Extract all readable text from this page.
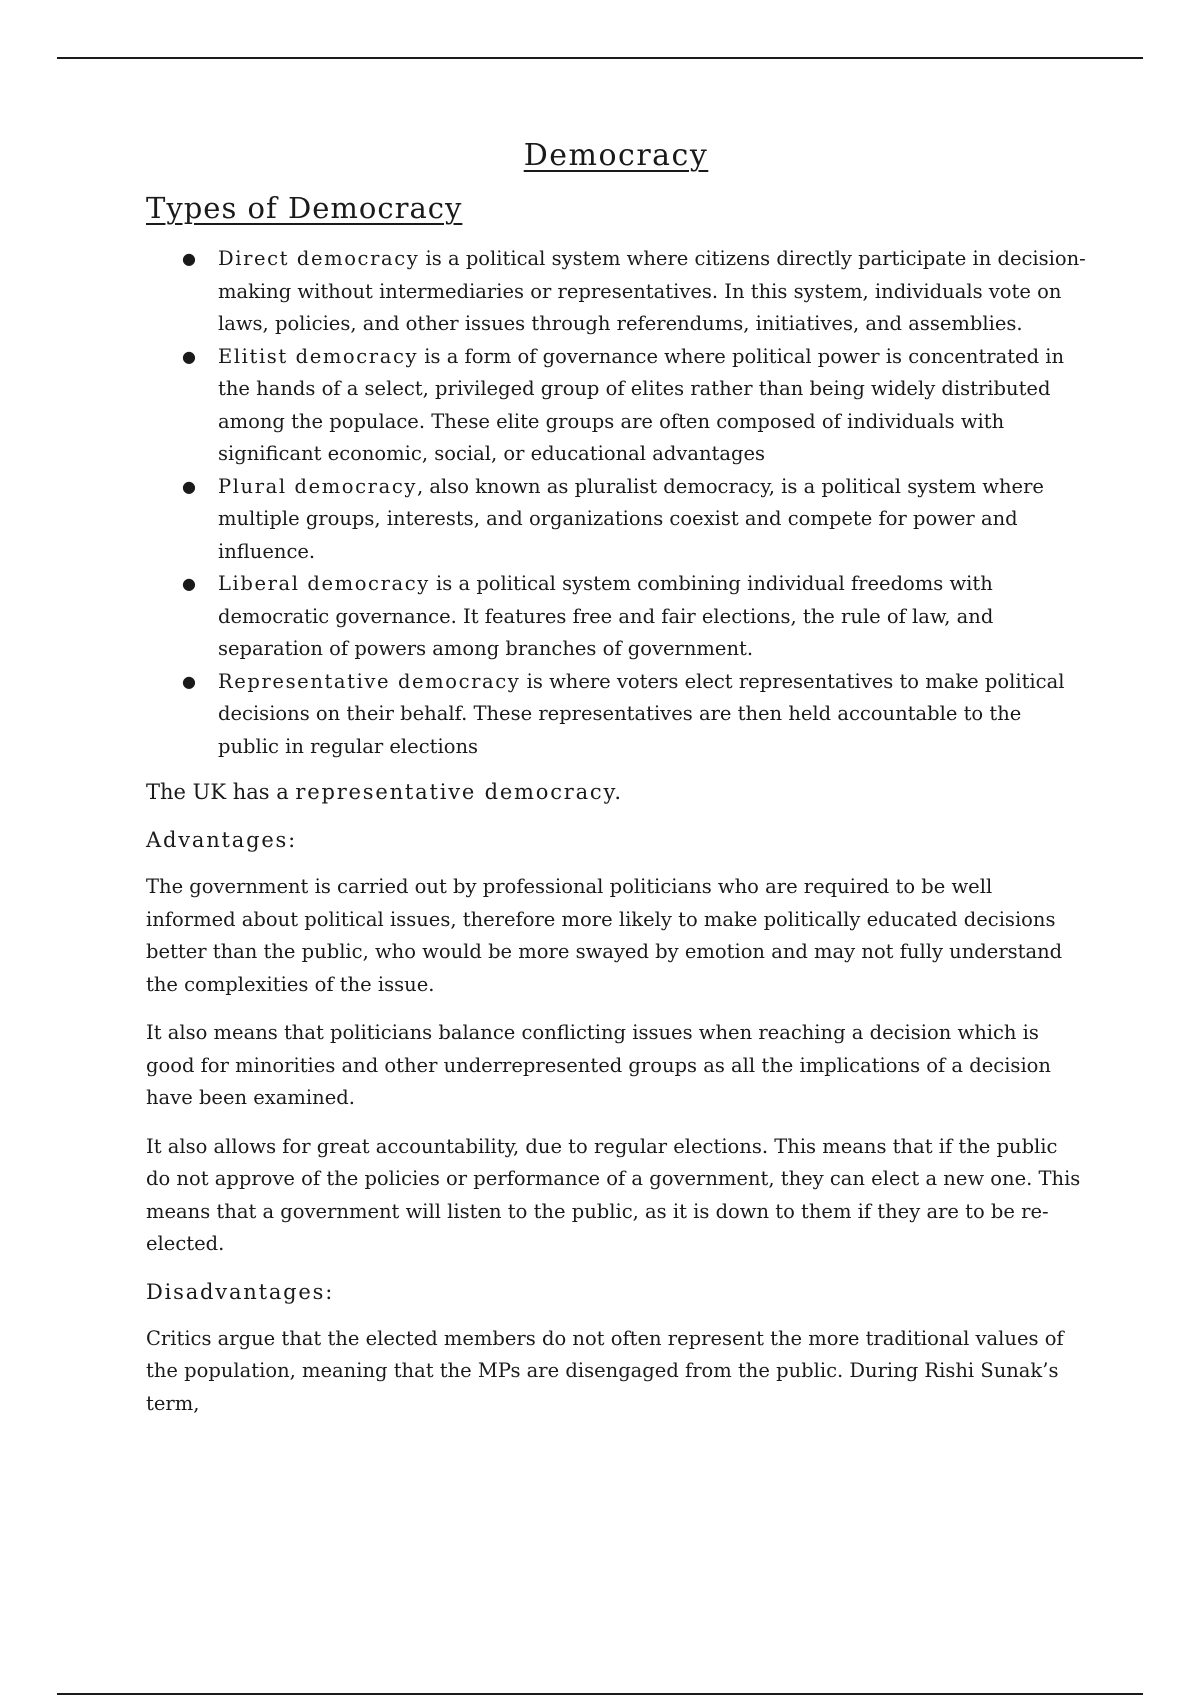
Democracy
Types of Democracy
● Direct democracy is a political system where citizens directly participate in decision-making without intermediaries or representatives. In this system, individuals vote on laws, policies, and other issues through referendums, initiatives, and assemblies.
● Elitist democracy is a form of governance where political power is concentrated in the hands of a select, privileged group of elites rather than being widely distributed among the populace. These elite groups are often composed of individuals with significant economic, social, or educational advantages
● Plural democracy, also known as pluralist democracy, is a political system where multiple groups, interests, and organizations coexist and compete for power and influence.
● Liberal democracy is a political system combining individual freedoms with democratic governance. It features free and fair elections, the rule of law, and separation of powers among branches of government.
● Representative democracy is where voters elect representatives to make political decisions on their behalf. These representatives are then held accountable to the public in regular elections

The UK has a representative democracy.

Advantages:

The government is carried out by professional politicians who are required to be well informed about political issues, therefore more likely to make politically educated decisions better than the public, who would be more swayed by emotion and may not fully understand the complexities of the issue.

It also means that politicians balance conflicting issues when reaching a decision which is good for minorities and other underrepresented groups as all the implications of a decision have been examined.

It also allows for great accountability, due to regular elections. This means that if the public do not approve of the policies or performance of a government, they can elect a new one. This means that a government will listen to the public, as it is down to them if they are to be re-elected.

Disadvantages:

Critics argue that the elected members do not often represent the more traditional values of the population, meaning that the MPs are disengaged from the public. During Rishi Sunak’s term,
